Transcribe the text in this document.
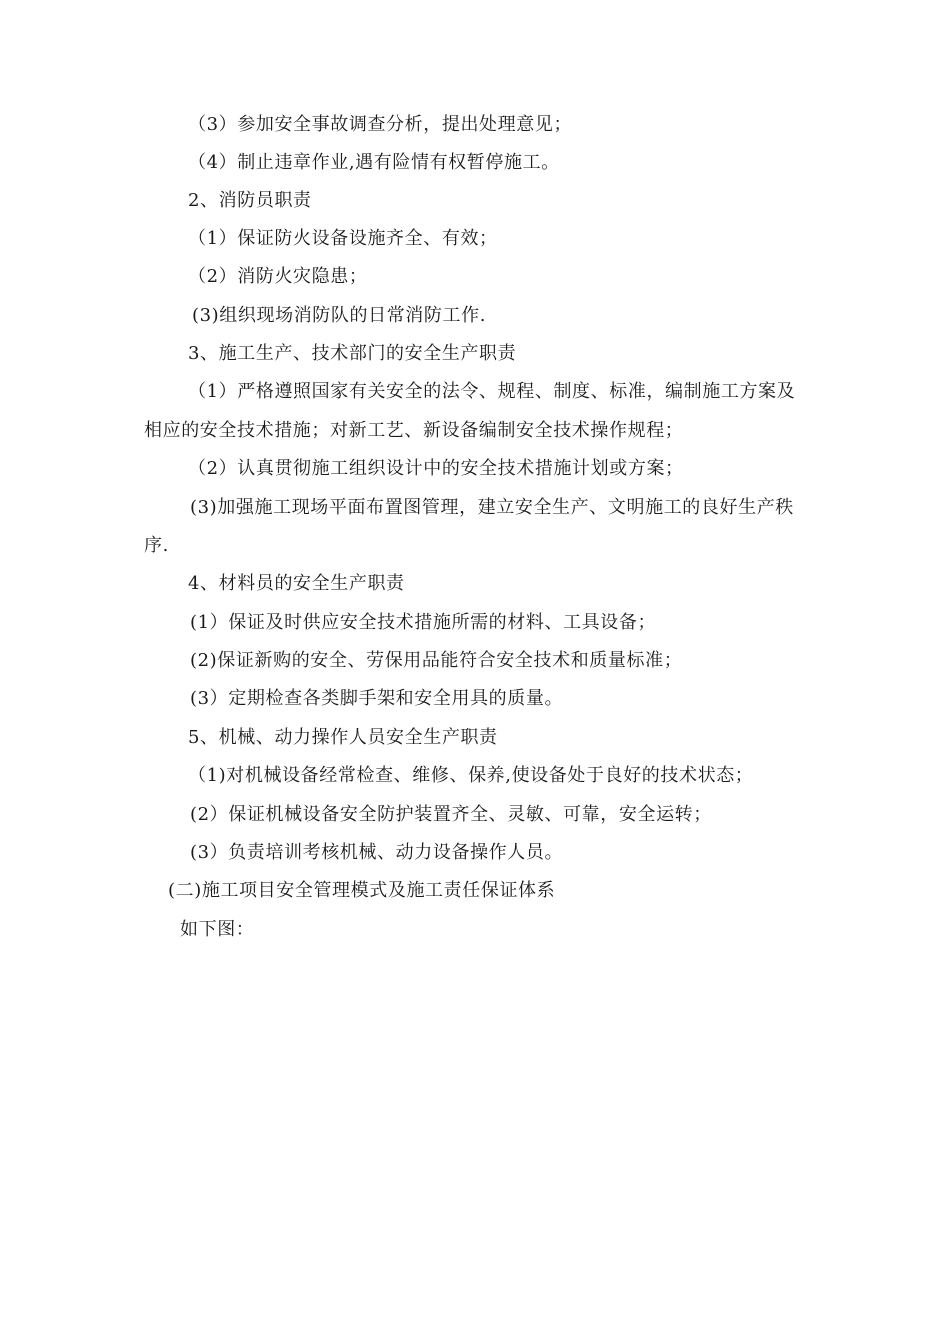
（3）参加安全事故调查分析，提出处理意见；
（4）制止违章作业,遇有险情有权暂停施工。
2、消防员职责
（1）保证防火设备设施齐全、有效；
（2）消防火灾隐患；
(3)组织现场消防队的日常消防工作.
3、施工生产、技术部门的安全生产职责
（1）严格遵照国家有关安全的法令、规程、制度、标准，编制施工方案及
相应的安全技术措施；对新工艺、新设备编制安全技术操作规程；
（2）认真贯彻施工组织设计中的安全技术措施计划或方案；
(3)加强施工现场平面布置图管理，建立安全生产、文明施工的良好生产秩
序.
4、材料员的安全生产职责
(1）保证及时供应安全技术措施所需的材料、工具设备；
(2)保证新购的安全、劳保用品能符合安全技术和质量标准；
(3）定期检查各类脚手架和安全用具的质量。
5、机械、动力操作人员安全生产职责
（1)对机械设备经常检查、维修、保养,使设备处于良好的技术状态；
(2）保证机械设备安全防护装置齐全、灵敏、可靠，安全运转；
(3）负责培训考核机械、动力设备操作人员。
(二)施工项目安全管理模式及施工责任保证体系
如下图：
